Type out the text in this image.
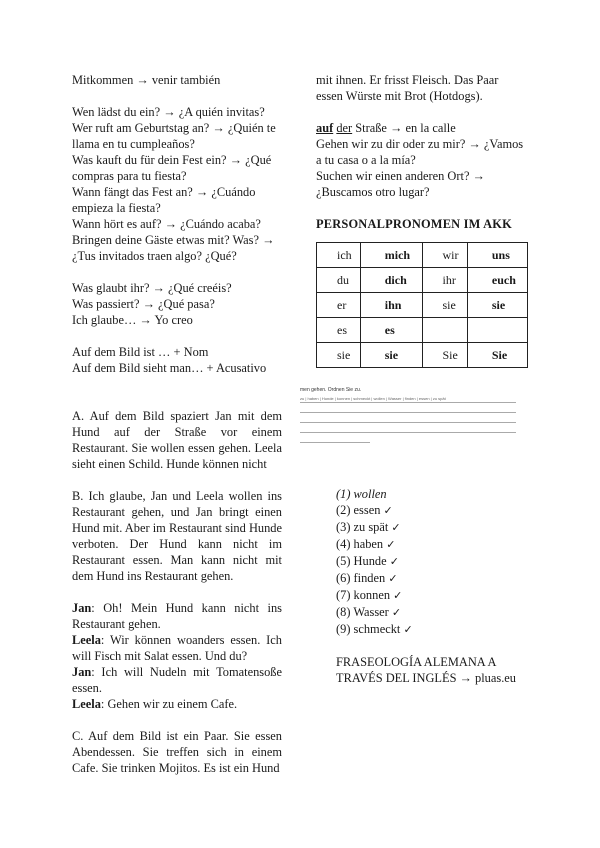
Mitkommen → venir también

Wen lädst du ein? → ¿A quién invitas?

Wer ruft am Geburtstag an? → ¿Quién te llama en tu cumpleaños?

Was kauft du für dein Fest ein? → ¿Qué compras para tu fiesta?

Wann fängt das Fest an? → ¿Cuándo empieza la fiesta?

Wann hört es auf? → ¿Cuándo acaba?

Bringen deine Gäste etwas mit? Was? → ¿Tus invitados traen algo? ¿Qué?

Was glaubt ihr? → ¿Qué creéis?

Was passiert? → ¿Qué pasa?

Ich glaube… → Yo creo

Auf dem Bild ist … + Nom

Auf dem Bild sieht man… + Acusativo

A. Auf dem Bild spaziert Jan mit dem Hund auf der Straße vor einem Restaurant. Sie wollen essen gehen. Leela sieht einen Schild. Hunde können nicht

B. Ich glaube, Jan und Leela wollen ins Restaurant gehen, und Jan bringt einen Hund mit. Aber im Restaurant sind Hunde verboten. Der Hund kann nicht im Restaurant essen. Man kann nicht mit dem Hund ins Restaurant gehen.

Jan: Oh! Mein Hund kann nicht ins Restaurant gehen.

Leela: Wir können woanders essen. Ich will Fisch mit Salat essen. Und du?

Jan: Ich will Nudeln mit Tomatensoße essen.

Leela: Gehen wir zu einem Cafe.

C. Auf dem Bild ist ein Paar. Sie essen Abendessen. Sie treffen sich in einem Cafe. Sie trinken Mojitos. Es ist ein Hund

mit ihnen. Er frisst Fleisch. Das Paar essen Würste mit Brot (Hotdogs).

auf der Straße → en la calle

Gehen wir zu dir oder zu mir? → ¿Vamos a tu casa o a la mía?

Suchen wir einen anderen Ort? → ¿Buscamos otro lugar?

PERSONALPRONOMEN IM AKK

ich	mich	wir	uns
du	dich	ihr	euch
er	ihn	sie	sie
es	es		
sie	sie	Sie	Sie
men gehen. Ordnen Sie zu.
zu | haben | Hunde | konnen | schmeckt | wollen | Wasser | finden | essen | zu spät

(1) wollen

(2) essen ✓

(3) zu spät ✓

(4) haben ✓

(5) Hunde ✓

(6) finden ✓

(7) konnen ✓

(8) Wasser ✓

(9) schmeckt ✓

FRASEOLOGÍA ALEMANA A TRAVÉS DEL INGLÉS → pluas.eu
